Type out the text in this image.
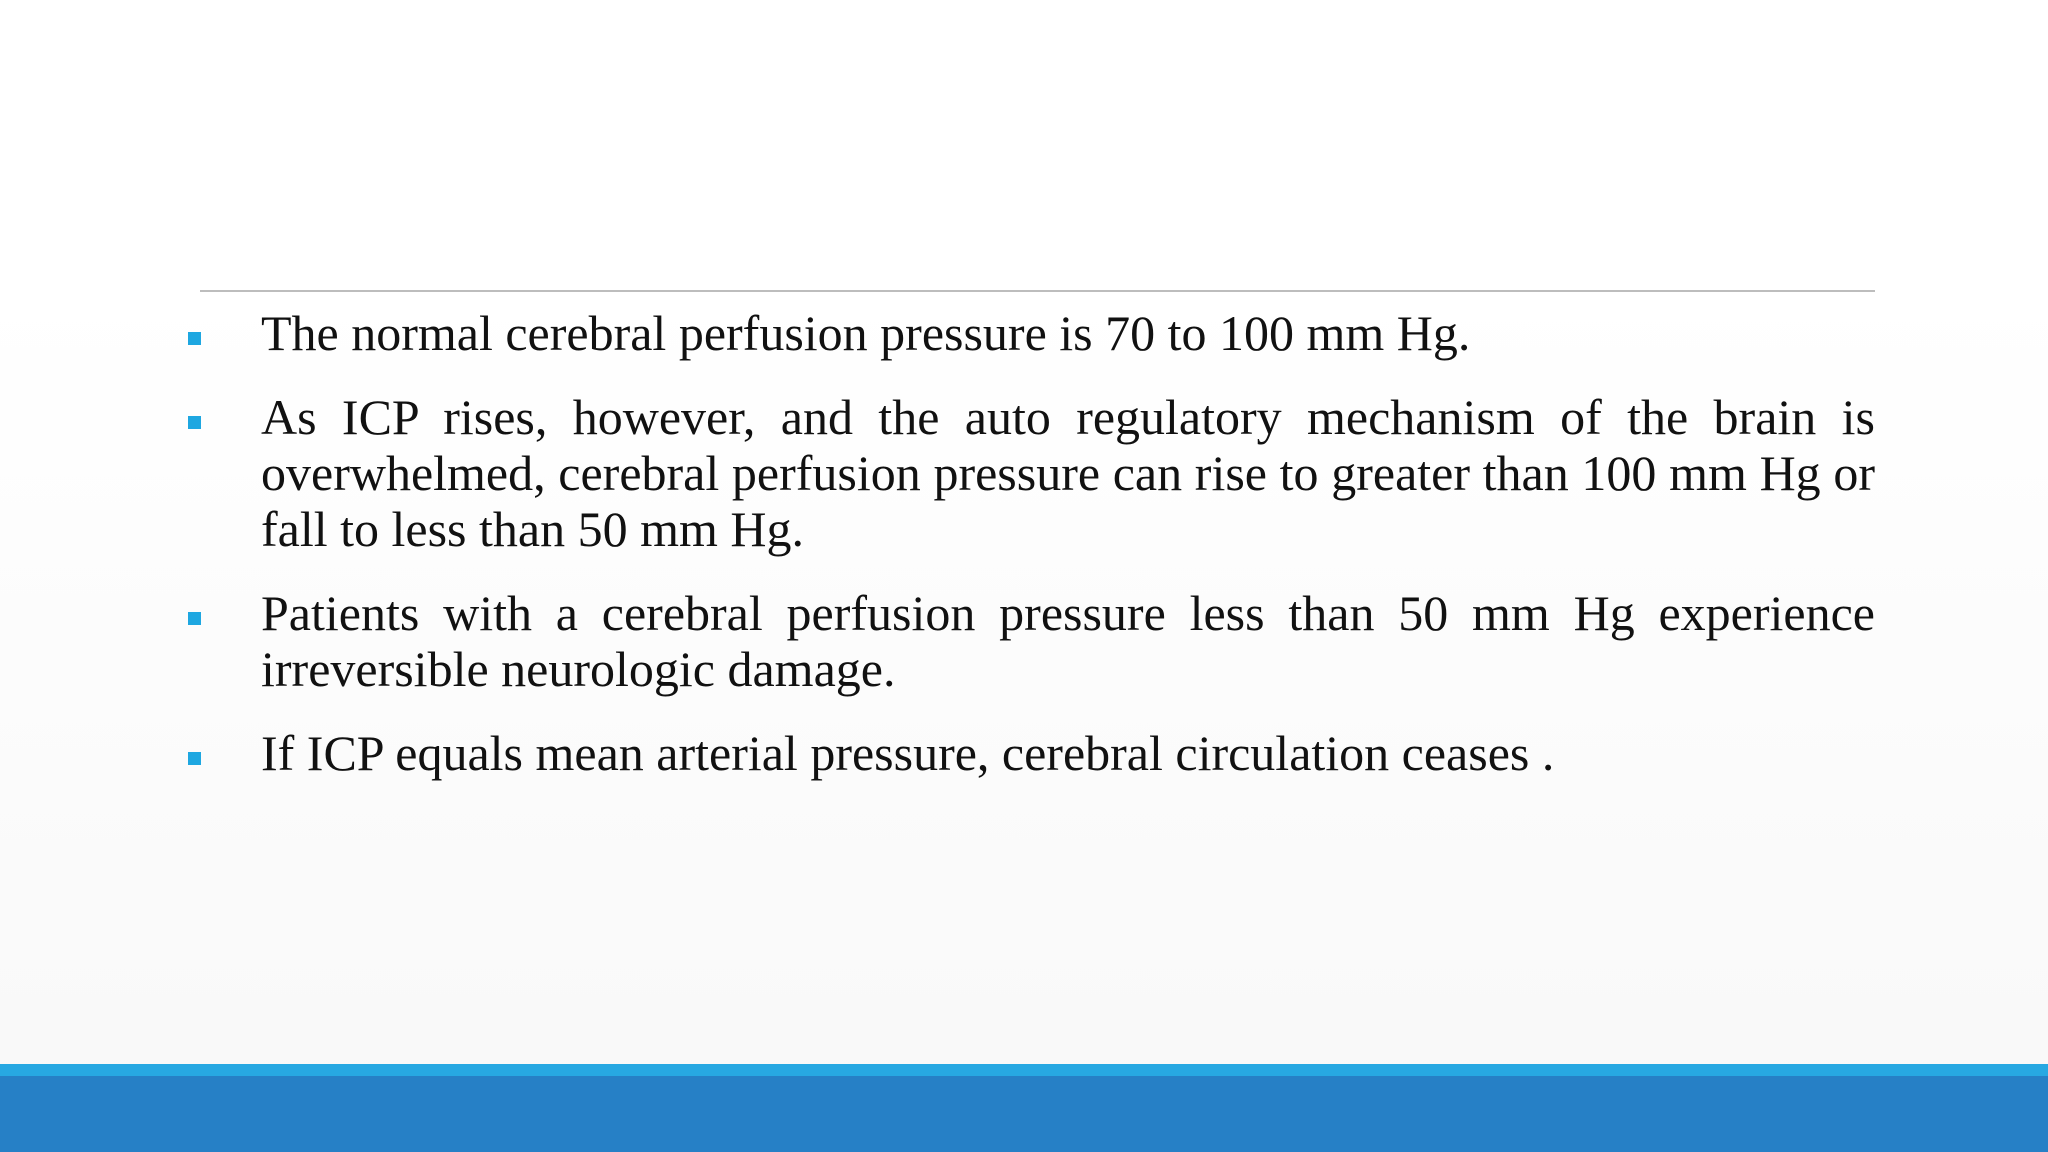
The normal cerebral perfusion pressure is 70 to 100 mm Hg.
As ICP rises, however, and the auto regulatory mechanism of the brain is overwhelmed, cerebral perfusion pressure can rise to greater than 100 mm Hg or fall to less than 50 mm Hg.
Patients with a cerebral perfusion pressure less than 50 mm Hg experience irreversible neurologic damage.
If ICP equals mean arterial pressure, cerebral circulation ceases .
